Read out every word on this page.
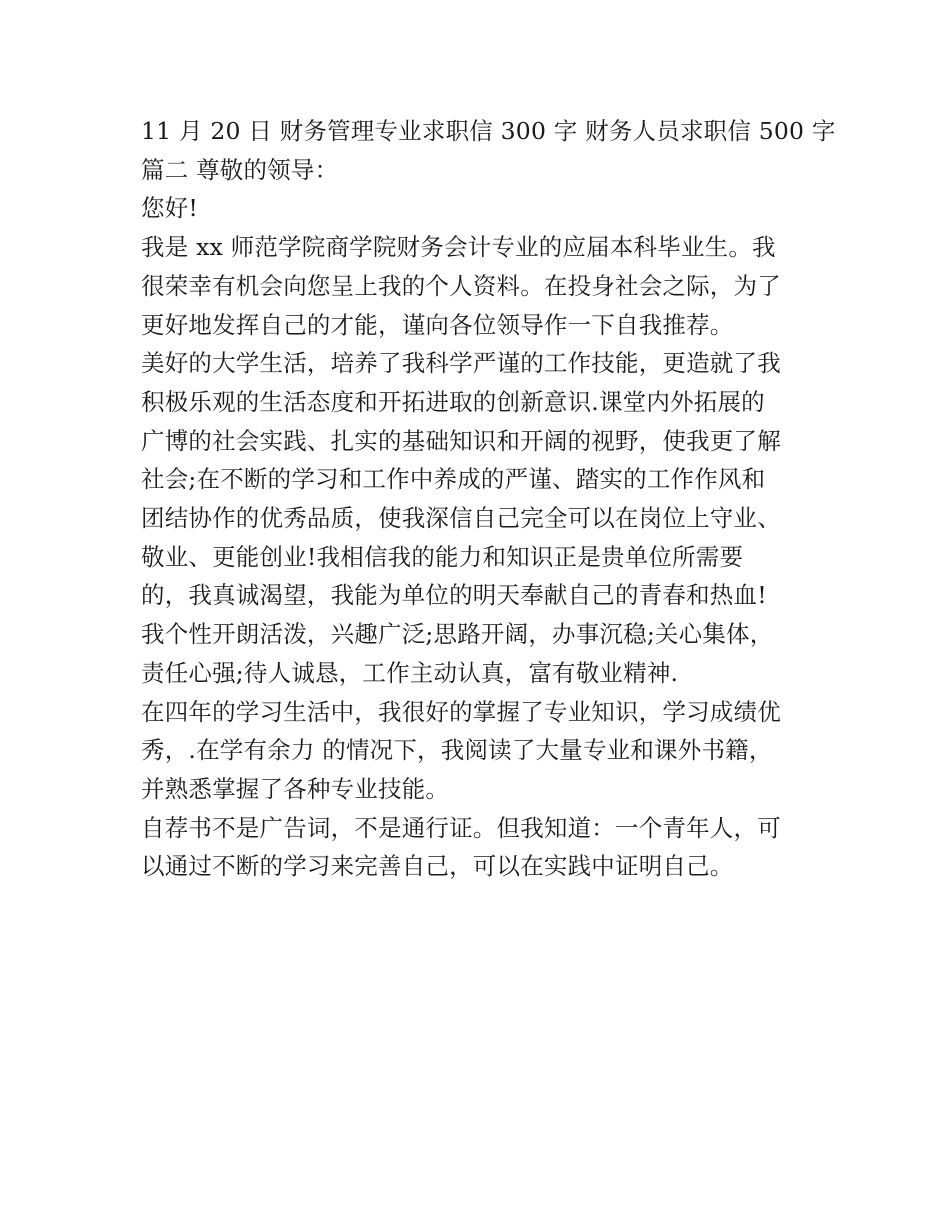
11 月 20 日 财务管理专业求职信 300 字 财务人员求职信 500 字
篇二 尊敬的领导：
您好!
我是 xx 师范学院商学院财务会计专业的应届本科毕业生。我
很荣幸有机会向您呈上我的个人资料。在投身社会之际，为了
更好地发挥自己的才能，谨向各位领导作一下自我推荐。
美好的大学生活，培养了我科学严谨的工作技能，更造就了我
积极乐观的生活态度和开拓进取的创新意识.课堂内外拓展的
广博的社会实践、扎实的基础知识和开阔的视野，使我更了解
社会;在不断的学习和工作中养成的严谨、踏实的工作作风和
团结协作的优秀品质，使我深信自己完全可以在岗位上守业、
敬业、更能创业!我相信我的能力和知识正是贵单位所需要
的，我真诚渴望，我能为单位的明天奉献自己的青春和热血!
我个性开朗活泼，兴趣广泛;思路开阔，办事沉稳;关心集体，
责任心强;待人诚恳，工作主动认真，富有敬业精神.
在四年的学习生活中，我很好的掌握了专业知识，学习成绩优
秀，.在学有余力 的情况下，我阅读了大量专业和课外书籍，
并熟悉掌握了各种专业技能。
自荐书不是广告词，不是通行证。但我知道：一个青年人，可
以通过不断的学习来完善自己，可以在实践中证明自己。
